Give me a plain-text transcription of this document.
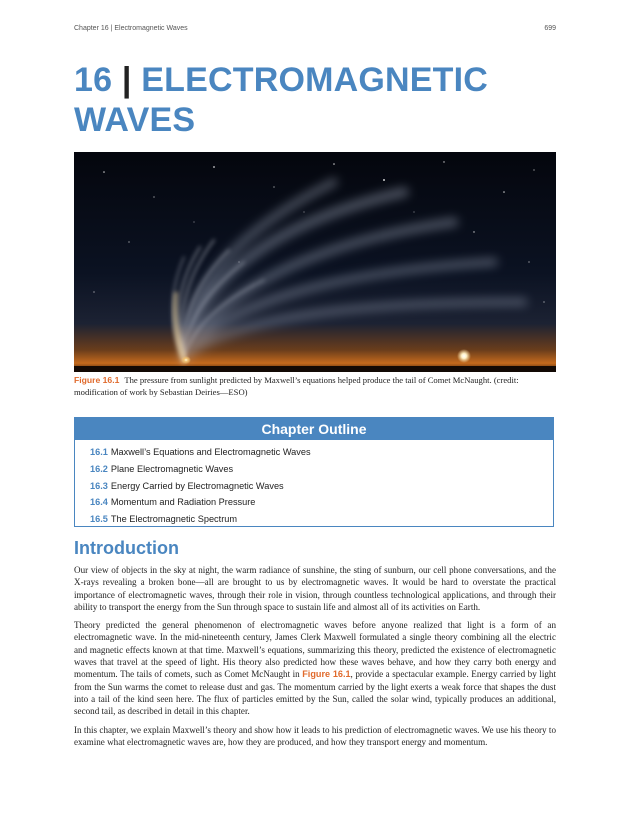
Chapter 16 | Electromagnetic Waves	699
16 | ELECTROMAGNETIC
WAVES
Figure 16.1 The pressure from sunlight predicted by Maxwell’s equations helped produce the tail of Comet McNaught. (credit: modification of work by Sebastian Deiries—ESO)
Chapter Outline
16.1 Maxwell’s Equations and Electromagnetic Waves
16.2 Plane Electromagnetic Waves
16.3 Energy Carried by Electromagnetic Waves
16.4 Momentum and Radiation Pressure
16.5 The Electromagnetic Spectrum
Introduction

Our view of objects in the sky at night, the warm radiance of sunshine, the sting of sunburn, our cell phone conversations, and the X-rays revealing a broken bone—all are brought to us by electromagnetic waves. It would be hard to overstate the practical importance of electromagnetic waves, through their role in vision, through countless technological applications, and through their ability to transport the energy from the Sun through space to sustain life and almost all of its activities on Earth.

Theory predicted the general phenomenon of electromagnetic waves before anyone realized that light is a form of an electromagnetic wave. In the mid-nineteenth century, James Clerk Maxwell formulated a single theory combining all the electric and magnetic effects known at that time. Maxwell’s equations, summarizing this theory, predicted the existence of electromagnetic waves that travel at the speed of light. His theory also predicted how these waves behave, and how they carry both energy and momentum. The tails of comets, such as Comet McNaught in Figure 16.1, provide a spectacular example. Energy carried by light from the Sun warms the comet to release dust and gas. The momentum carried by the light exerts a weak force that shapes the dust into a tail of the kind seen here. The flux of particles emitted by the Sun, called the solar wind, typically produces an additional, second tail, as described in detail in this chapter.

In this chapter, we explain Maxwell’s theory and show how it leads to his prediction of electromagnetic waves. We use his theory to examine what electromagnetic waves are, how they are produced, and how they transport energy and momentum.
